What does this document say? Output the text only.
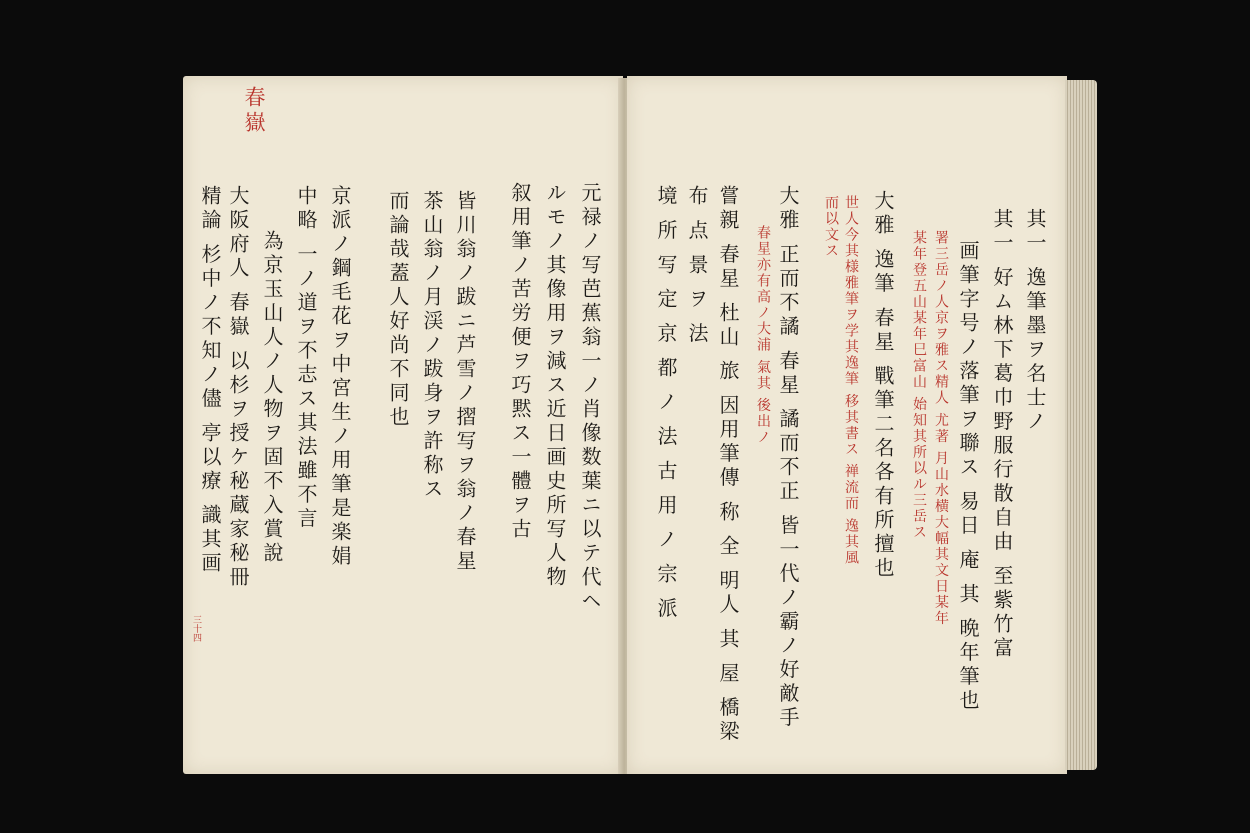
春嶽
元禄ノ写芭蕉翁一ノ肖像数葉ニ以テ代ヘ
ルモノ其像用ヲ減ス近日画史所写人物
叙用筆ノ苦労便ヲ巧黙ス一體ヲ古
皆川翁ノ跋ニ芦雪ノ摺写ヲ翁ノ春星
茶山翁ノ月渓ノ跋身ヲ許称ス
而論哉蓋人好尚不同也
京派ノ鋼毛花ヲ中宮生ノ用筆是楽娟
中略 一ノ道ヲ不志ス其法雖不言
為京玉山人ノ人物ヲ固不入賞說
大阪府人 春嶽 以杉ヲ授ケ秘蔵家秘冊
精論 杉中ノ不知ノ儘 亭以療 識其画
三十四
其一 逸筆墨ヲ名士ノ
其一 好ム林下葛巾野服行散自由 至紫竹富
画筆字号ノ落筆ヲ聯ス 易日 庵 其 晩年筆也
署三岳ノ人京ヲ雅ス精人 尤著 月山水横大幅其文日某年
某年登五山某年巳富山 始知其所以ル三岳ス
大雅 逸筆 春星 戰筆二名各有所擅也
世人今其様雅筆ヲ学其逸筆 移其書ス 禅流而 逸其風
而以文ス
大雅 正而不譎 春星 譎而不正 皆一代ノ霸ノ好敵手
春星亦有高ノ大浦 氣其 後出ノ
嘗親 春星 杜山 旅 因用筆傳 称 全 明人 其 屋 橋梁
布 点 景 ヲ 法
境 所 写 定 京 都 ノ 法 古 用 ノ 宗 派
